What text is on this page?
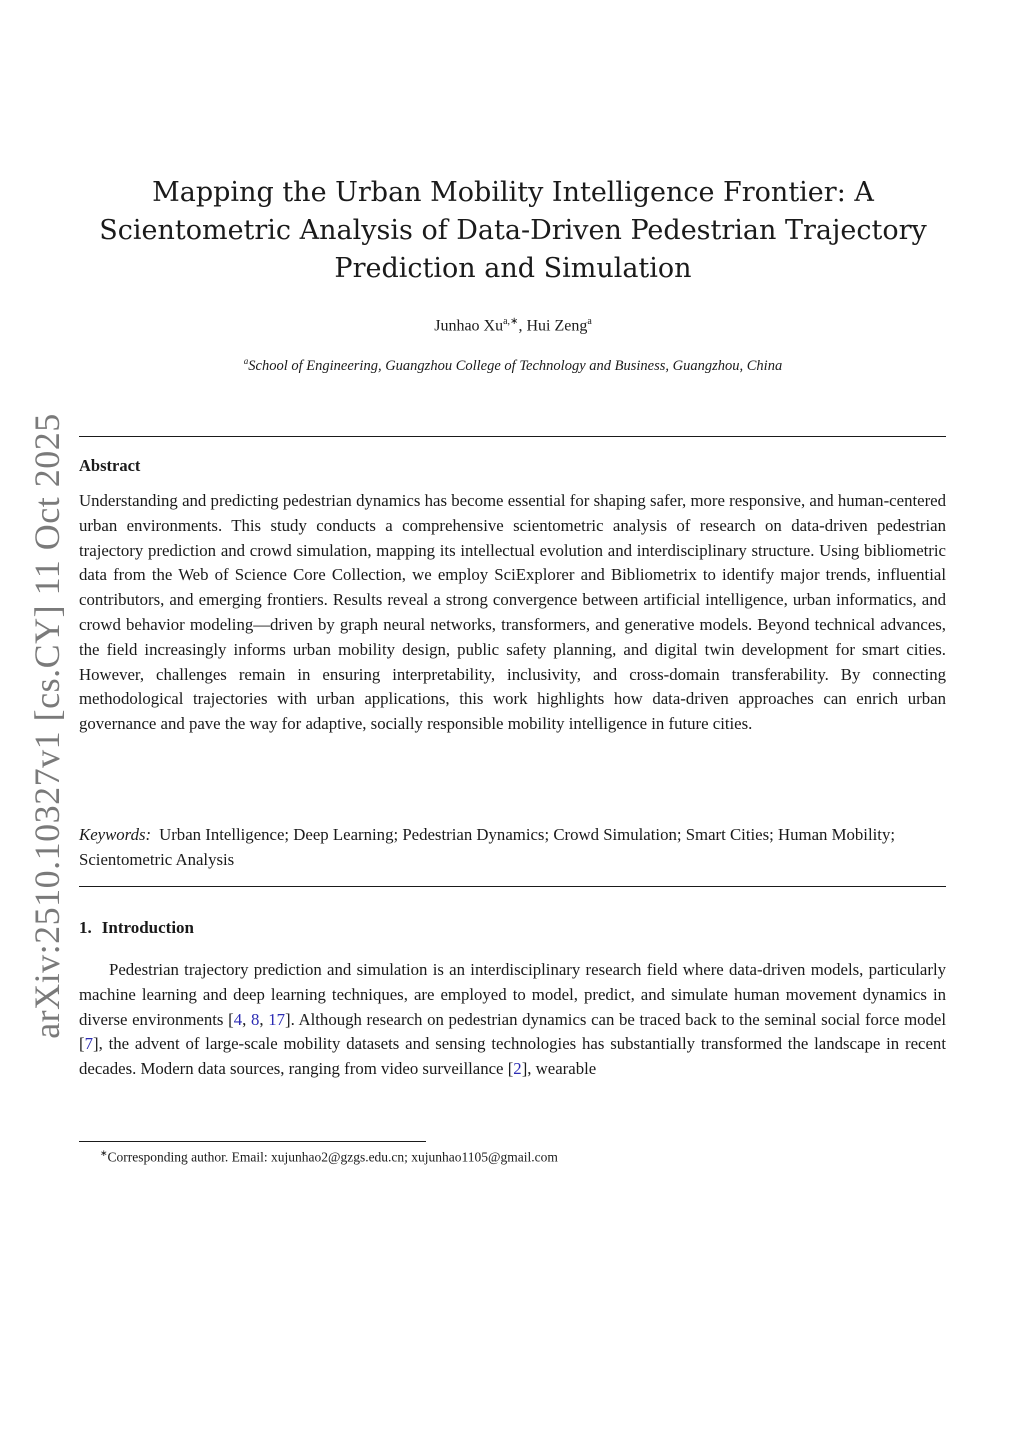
arXiv:2510.10327v1 [cs.CY] 11 Oct 2025
Mapping the Urban Mobility Intelligence Frontier: A Scientometric Analysis of Data-Driven Pedestrian Trajectory Prediction and Simulation
Junhao $Xu^{a,∗}$, Hui Zeng$^a$
$^a$School of Engineering, Guangzhou College of Technology and Business, Guangzhou, China
Abstract

Understanding and predicting pedestrian dynamics has become essential for shaping safer, more responsive, and human-centered urban environments. This study conducts a comprehensive scientometric analysis of research on data-driven pedestrian trajectory prediction and crowd simulation, mapping its intellectual evolution and interdisciplinary structure. Using bibliometric data from the Web of Science Core Collection, we employ SciExplorer and Bibliometrix to identify major trends, influential contributors, and emerging frontiers. Results reveal a strong convergence between artificial intelligence, urban informatics, and crowd behavior modeling—driven by graph neural networks, transformers, and generative models. Beyond technical advances, the field increasingly informs urban mobility design, public safety planning, and digital twin development for smart cities. However, challenges remain in ensuring interpretability, inclusivity, and cross-domain transferability. By connecting methodological trajectories with urban applications, this work highlights how data-driven approaches can enrich urban governance and pave the way for adaptive, socially responsible mobility intelligence in future cities.

Keywords: Urban Intelligence; Deep Learning; Pedestrian Dynamics; Crowd Simulation; Smart Cities; Human Mobility; Scientometric Analysis

1. Introduction

Pedestrian trajectory prediction and simulation is an interdisciplinary research field where data-driven models, particularly machine learning and deep learning techniques, are employed to model, predict, and simulate human movement dynamics in diverse environments [4, 8, 17]. Although research on pedestrian dynamics can be traced back to the seminal social force model [7], the advent of large-scale mobility datasets and sensing technologies has substantially transformed the landscape in recent decades. Modern data sources, ranging from video surveillance [2], wearable

∗Corresponding author. Email: xujunhao2@gzgs.edu.cn; xujunhao1105@gmail.com
